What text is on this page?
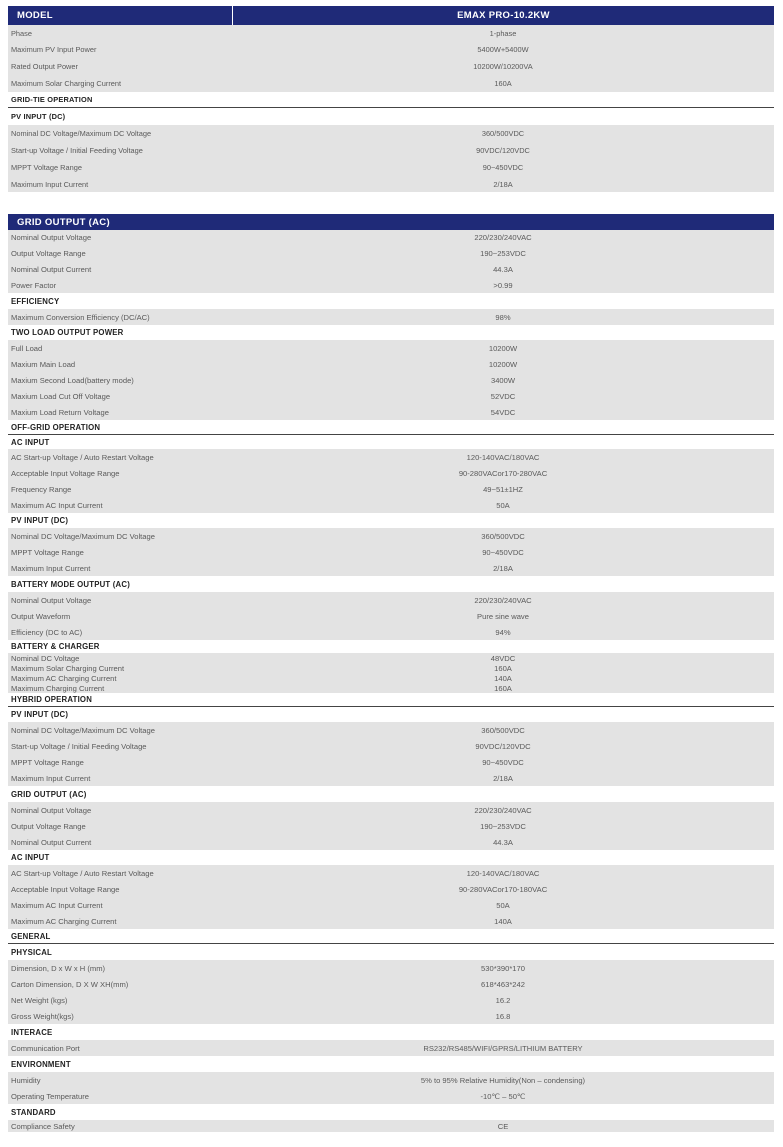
MODEL	EMAX PRO-10.2KW
Phase	1-phase
Maximum PV Input Power	5400W+5400W
Rated Output Power	10200W/10200VA
Maximum Solar Charging Current	160A
GRID-TIE OPERATION
PV INPUT (DC)
Nominal DC Voltage/Maximum DC Voltage	360/500VDC
Start-up Voltage / Initial Feeding Voltage	90VDC/120VDC
MPPT Voltage Range	90~450VDC
Maximum Input Current	2/18A
GRID OUTPUT (AC)
Nominal Output Voltage	220/230/240VAC
Output Voltage Range	190~253VDC
Nominal Output Current	44.3A
Power Factor	>0.99
EFFICIENCY
Maximum Conversion Efficiency (DC/AC)	98%
TWO LOAD OUTPUT POWER
Full Load	10200W
Maxium Main Load	10200W
Maxium Second Load(battery mode)	3400W
Maxium Load Cut Off Voltage	52VDC
Maxium Load Return Voltage	54VDC
OFF-GRID OPERATION
AC INPUT
AC Start-up Voltage / Auto Restart Voltage	120-140VAC/180VAC
Acceptable Input Voltage Range	90-280VACor170-280VAC
Frequency Range	49~51±1HZ
Maximum AC Input Current	50A
PV INPUT (DC)
Nominal DC Voltage/Maximum DC Voltage	360/500VDC
MPPT Voltage Range	90~450VDC
Maximum Input Current	2/18A
BATTERY MODE OUTPUT (AC)
Nominal Output Voltage	220/230/240VAC
Output Waveform	Pure sine wave
Efficiency (DC to AC)	94%
BATTERY & CHARGER
Nominal DC Voltage	48VDC
Maximum Solar Charging Current	160A
Maximum AC Charging Current	140A
Maximum Charging Current	160A
HYBRID OPERATION
PV INPUT (DC)
Nominal DC Voltage/Maximum DC Voltage	360/500VDC
Start-up Voltage / Initial Feeding Voltage	90VDC/120VDC
MPPT Voltage Range	90~450VDC
Maximum Input Current	2/18A
GRID OUTPUT (AC)
Nominal Output Voltage	220/230/240VAC
Output Voltage Range	190~253VDC
Nominal Output Current	44.3A
AC INPUT
AC Start-up Voltage / Auto Restart Voltage	120-140VAC/180VAC
Acceptable Input Voltage Range	90-280VACor170-180VAC
Maximum AC Input Current	50A
Maximum AC Charging Current	140A
GENERAL
PHYSICAL
Dimension, D x W x H (mm)	530*390*170
Carton Dimension, D X W XH(mm)	618*463*242
Net Weight (kgs)	16.2
Gross Weight(kgs)	16.8
INTERACE
Communication Port	RS232/RS485/WIFI/GPRS/LITHIUM BATTERY
ENVIRONMENT
Humidity	5% to 95% Relative Humidity(Non – condensing)
Operating Temperature	-10℃ – 50℃
STANDARD
Compliance Safety	CE
